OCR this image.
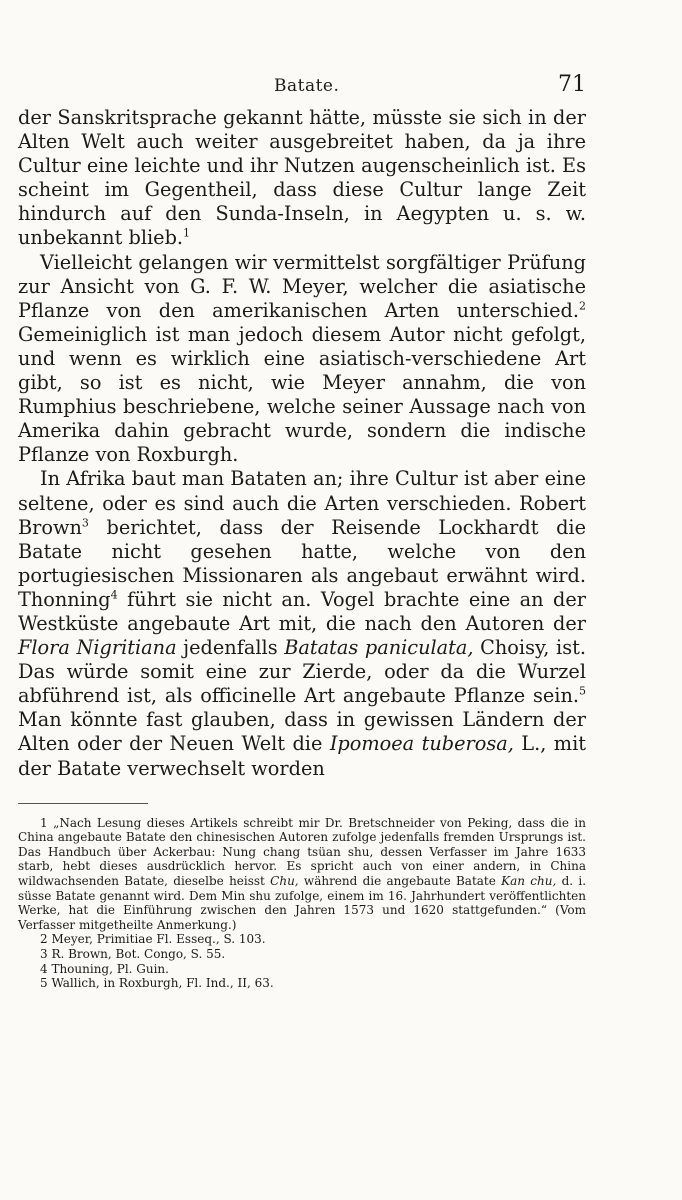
Batate.	71

der Sanskritsprache gekannt hätte, müsste sie sich in der Alten Welt auch weiter ausgebreitet haben, da ja ihre Cultur eine leichte und ihr Nutzen augenscheinlich ist. Es scheint im Gegentheil, dass diese Cultur lange Zeit hindurch auf den Sunda-Inseln, in Aegypten u. s. w. unbekannt blieb.$^1$

Vielleicht gelangen wir vermittelst sorgfältiger Prüfung zur Ansicht von G. F. W. Meyer, welcher die asiatische Pflanze von den amerikanischen Arten unterschied.$^2$ Gemeiniglich ist man jedoch diesem Autor nicht gefolgt, und wenn es wirklich eine asiatisch-verschiedene Art gibt, so ist es nicht, wie Meyer annahm, die von Rumphius beschriebene, welche seiner Aussage nach von Amerika dahin gebracht wurde, sondern die indische Pflanze von Roxburgh.

In Afrika baut man Bataten an; ihre Cultur ist aber eine seltene, oder es sind auch die Arten verschieden. Robert Brown$^3$ berichtet, dass der Reisende Lockhardt die Batate nicht gesehen hatte, welche von den portugiesischen Missionaren als angebaut erwähnt wird. Thonning$^4$ führt sie nicht an. Vogel brachte eine an der Westküste angebaute Art mit, die nach den Autoren der Flora Nigritiana jedenfalls Batatas paniculata, Choisy, ist. Das würde somit eine zur Zierde, oder da die Wurzel abführend ist, als officinelle Art angebaute Pflanze sein.$^5$ Man könnte fast glauben, dass in gewissen Ländern der Alten oder der Neuen Welt die Ipomoea tuberosa, L., mit der Batate verwechselt worden

1 „Nach Lesung dieses Artikels schreibt mir Dr. Bretschneider von Peking, dass die in China angebaute Batate den chinesischen Autoren zufolge jedenfalls fremden Ursprungs ist. Das Handbuch über Ackerbau: Nung chang tsüan shu, dessen Verfasser im Jahre 1633 starb, hebt dieses ausdrücklich hervor. Es spricht auch von einer andern, in China wildwachsenden Batate, dieselbe heisst Chu, während die angebaute Batate Kan chu, d. i. süsse Batate genannt wird. Dem Min shu zufolge, einem im 16. Jahrhundert veröffentlichten Werke, hat die Einführung zwischen den Jahren 1573 und 1620 stattgefunden.“ (Vom Verfasser mitgetheilte Anmerkung.)
2 Meyer, Primitiae Fl. Esseq., S. 103.
3 R. Brown, Bot. Congo, S. 55.
4 Thouning, Pl. Guin.
5 Wallich, in Roxburgh, Fl. Ind., II, 63.
